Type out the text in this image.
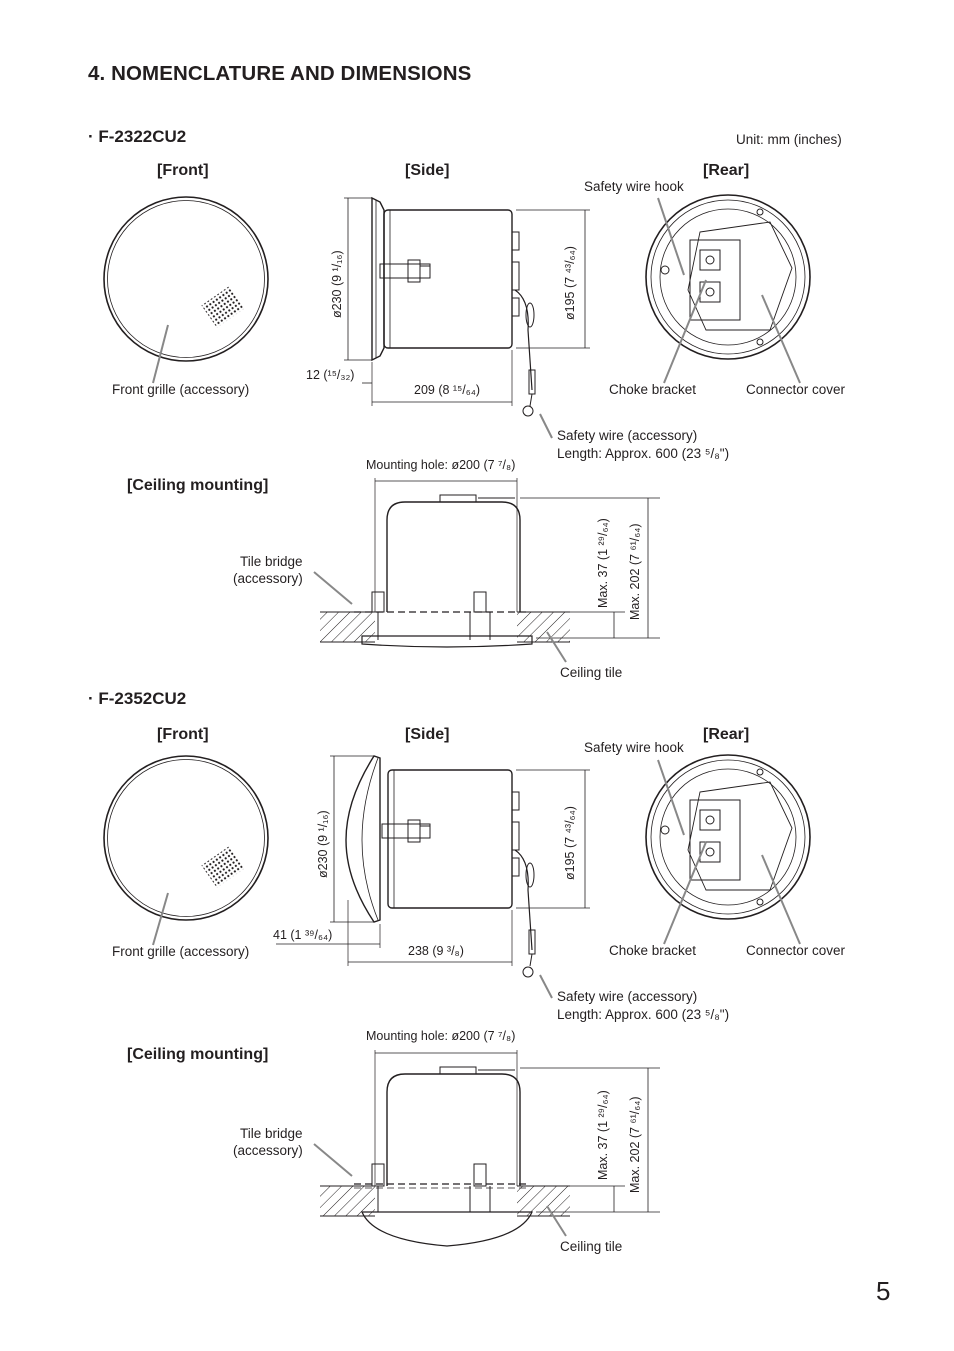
4. NOMENCLATURE AND DIMENSIONS
Unit: mm (inches)
· F-2322CU2
[Front]	[Side]	[Rear]
Safety wire hook
Front grille (accessory)	Choke bracket	Connector cover
ø230 (9 ¹/₁₆)	ø195 (7 ⁴³/₆₄)
12 (¹⁵/₃₂)
209 (8 ¹⁵/₆₄)
Safety wire (accessory)
Length: Approx. 600 (23 ⁵/₈")
Mounting hole: ø200 (7 ⁷/₈)
[Ceiling mounting]
Tile bridge
(accessory)	Max. 37 (1 ²⁹/₆₄) Max. 202 (7 ⁶¹/₆₄)
Ceiling tile
· F-2352CU2
[Front]	[Side]	[Rear]
Safety wire hook
Front grille (accessory)	Choke bracket	Connector cover
ø230 (9 ¹/₁₆)	ø195 (7 ⁴³/₆₄)
41 (1 ³⁹/₆₄)
238 (9 ³/₈)
Safety wire (accessory)
Length: Approx. 600 (23 ⁵/₈")
Mounting hole: ø200 (7 ⁷/₈)
[Ceiling mounting]
Tile bridge
(accessory)	Max. 37 (1 ²⁹/₆₄) Max. 202 (7 ⁶¹/₆₄)
Ceiling tile
5
